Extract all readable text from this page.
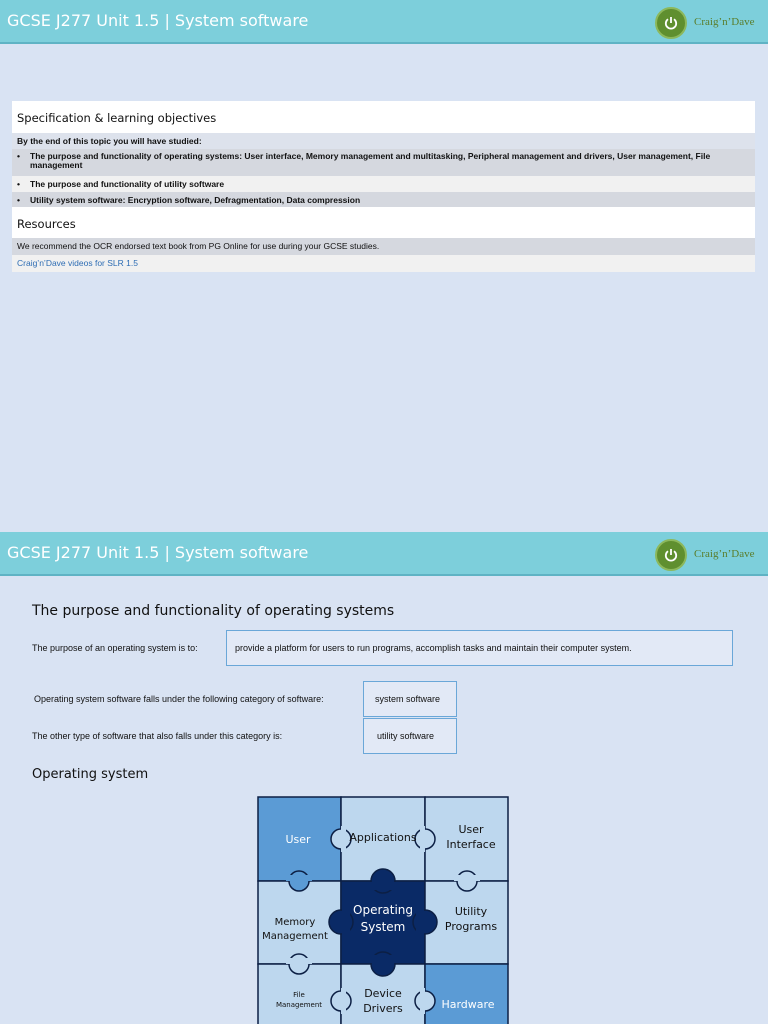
GCSE J277 Unit 1.5 | System software	Craig’n’Dave
Specification & learning objectives
By the end of this topic you will have studied:
• The purpose and functionality of operating systems: User interface, Memory management and multitasking, Peripheral management and drivers, User management, File management
• The purpose and functionality of utility software
• Utility system software: Encryption software, Defragmentation, Data compression
Resources
We recommend the OCR endorsed text book from PG Online for use during your GCSE studies.
Craig’n’Dave videos for SLR 1.5
GCSE J277 Unit 1.5 | System software	Craig’n’Dave
The purpose and functionality of operating systems
The purpose of an operating system is to:	provide a platform for users to run programs, accomplish tasks and maintain their computer system.
Operating system software falls under the following category of software:	system software
The other type of software that also falls under this category is:	utility software
Operating system
User	Applications
User Interface
Memory Management
Operating System
Utility Programs
File Management
Device Drivers	Hardware
